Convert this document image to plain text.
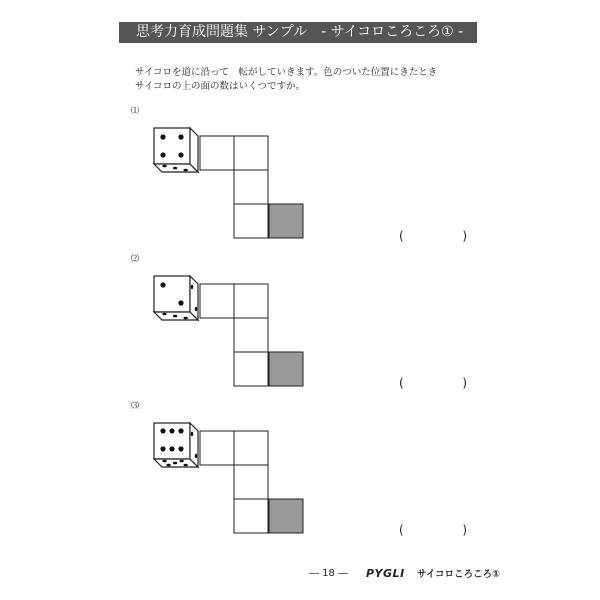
思考力育成問題集 サンプル　- サイコロころころ① -
サイコロを道に沿って　転がしていきます。色のついた位置にきたとき
サイコロの上の面の数はいくつですか。
⑴
⑵
⑶
(	)
(	)
(	)
― 18 ― PYGLI サイコロころころ①
